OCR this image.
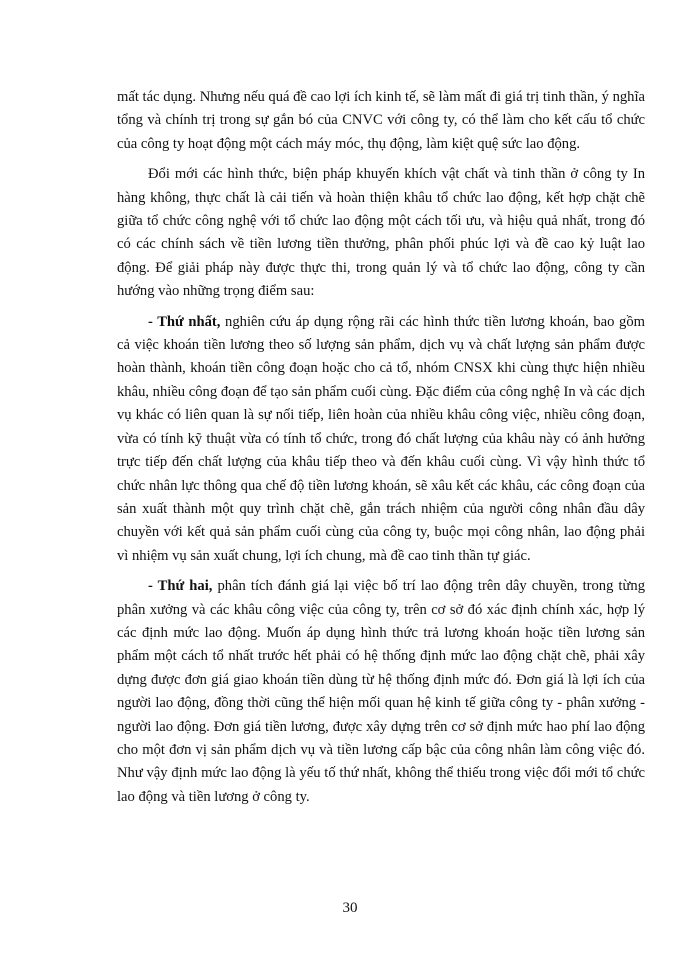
mất tác dụng. Nhưng nếu quá đề cao lợi ích kinh tế, sẽ làm mất đi giá trị tinh thần, ý nghĩa tổng và chính trị trong sự gắn bó của CNVC với công ty, có thể làm cho kết cấu tổ chức của công ty hoạt động một cách máy móc, thụ động, làm kiệt quệ sức lao động.

Đổi mới các hình thức, biện pháp khuyến khích vật chất và tinh thần ở công ty In hàng không, thực chất là cải tiến và hoàn thiện khâu tổ chức lao động, kết hợp chặt chẽ giữa tổ chức công nghệ với tổ chức lao động một cách tối ưu, và hiệu quả nhất, trong đó có các chính sách về tiền lương tiền thưởng, phân phối phúc lợi và đề cao kỷ luật lao động. Để giải pháp này được thực thi, trong quản lý và tổ chức lao động, công ty cần hướng vào những trọng điểm sau:

- Thứ nhất, nghiên cứu áp dụng rộng rãi các hình thức tiền lương khoán, bao gồm cả việc khoán tiền lương theo số lượng sản phẩm, dịch vụ và chất lượng sản phẩm được hoàn thành, khoán tiền công đoạn hoặc cho cả tổ, nhóm CNSX khi cùng thực hiện nhiều khâu, nhiều công đoạn để tạo sản phẩm cuối cùng. Đặc điểm của công nghệ In và các dịch vụ khác có liên quan là sự nối tiếp, liên hoàn của nhiều khâu công việc, nhiều công đoạn, vừa có tính kỹ thuật vừa có tính tổ chức, trong đó chất lượng của khâu này có ảnh hưởng trực tiếp đến chất lượng của khâu tiếp theo và đến khâu cuối cùng. Vì vậy hình thức tổ chức nhân lực thông qua chế độ tiền lương khoán, sẽ xâu kết các khâu, các công đoạn của sản xuất thành một quy trình chặt chẽ, gắn trách nhiệm của người công nhân đầu dây chuyền với kết quả sản phẩm cuối cùng của công ty, buộc mọi công nhân, lao động phải vì nhiệm vụ sản xuất chung, lợi ích chung, mà đề cao tinh thần tự giác.

- Thứ hai, phân tích đánh giá lại việc bố trí lao động trên dây chuyền, trong từng phân xưởng và các khâu công việc của công ty, trên cơ sở đó xác định chính xác, hợp lý các định mức lao động. Muốn áp dụng hình thức trả lương khoán hoặc tiền lương sản phẩm một cách tổ nhất trước hết phải có hệ thống định mức lao động chặt chẽ, phải xây dựng được đơn giá giao khoán tiền dùng từ hệ thống định mức đó. Đơn giá là lợi ích của người lao động, đồng thời cũng thể hiện mối quan hệ kinh tế giữa công ty - phân xưởng - người lao động. Đơn giá tiền lương, được xây dựng trên cơ sở định mức hao phí lao động cho một đơn vị sản phẩm dịch vụ và tiền lương cấp bậc của công nhân làm công việc đó. Như vậy định mức lao động là yếu tố thứ nhất, không thể thiếu trong việc đổi mới tổ chức lao động và tiền lương ở công ty.

30
